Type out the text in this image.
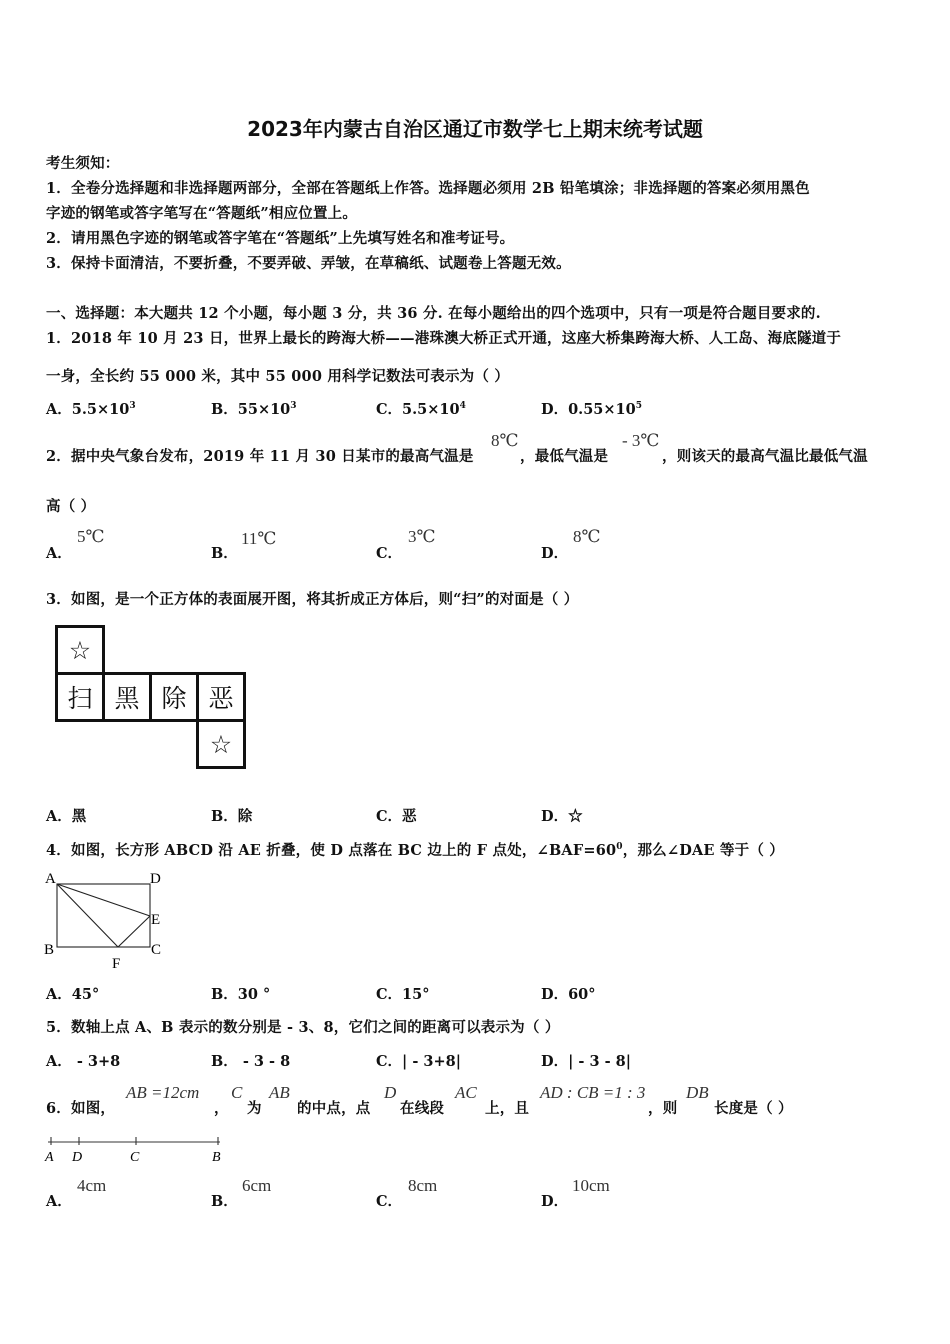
2023年内蒙古自治区通辽市数学七上期末统考试题
考生须知：
1．全卷分选择题和非选择题两部分，全部在答题纸上作答。选择题必须用 2B 铅笔填涂；非选择题的答案必须用黑色
字迹的钢笔或答字笔写在“答题纸”相应位置上。
2．请用黑色字迹的钢笔或答字笔在“答题纸”上先填写姓名和准考证号。
3．保持卡面清洁，不要折叠，不要弄破、弄皱，在草稿纸、试题卷上答题无效。
一、选择题：本大题共 12 个小题，每小题 3 分，共 36 分. 在每小题给出的四个选项中，只有一项是符合题目要求的.
1．2018 年 10 月 23 日，世界上最长的跨海大桥——港珠澳大桥正式开通，这座大桥集跨海大桥、人工岛、海底隧道于
一身，全长约 55 000 米，其中 55 000 用科学记数法可表示为（ ）
A．$5.5\times 10^3$	B．$55\times 10^3$	C．$5.5\times 10^4$	D．$0.55\times 10^5$
2．据中央气象台发布，2019 年 11 月 30 日某市的最高气温是
8℃
，最低气温是
- 3℃
，则该天的最高气温比最低气温
高（ ）
A．
5℃
B．
11℃
C．
3℃
D．
8℃
3．如图，是一个正方体的表面展开图，将其折成正方体后，则“扫”的对面是（ ）
☆			
扫	黑	除	恶
			☆
A．黑	B．除	C．恶	D．☆
4．如图，长方形 ABCD 沿 AE 折叠，使 D 点落在 BC 边上的 F 点处，$\angle BAF=60^0$，那么∠DAE 等于（ ）
A	D
E
B	C
F
A．45°	B．30 °	C．15°	D．60°
5．数轴上点 A、B 表示的数分别是 - 3、8，它们之间的距离可以表示为（ ）
A． - 3+8	B． - 3 - 8	C．| - 3+8|	D．| - 3 - 8|
6．如图，
AB =12cm
，
C
为
AB
的中点，点
D
在线段
AC
上，且
AD : CB =1 : 3
，则
DB
长度是（ ）
A D	C	B
A．
4cm
B．
6cm
C．
8cm
D．
10cm
